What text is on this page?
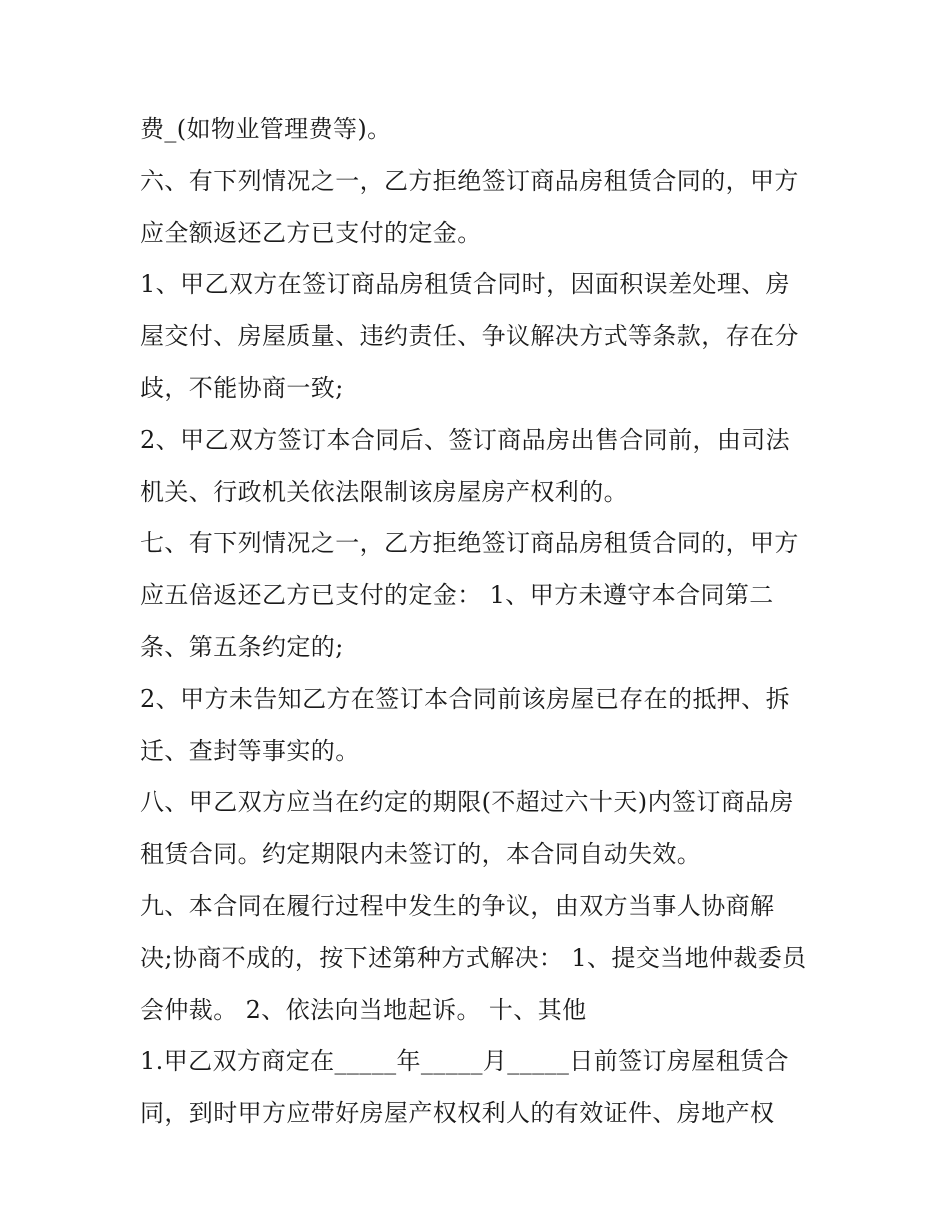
费_(如物业管理费等)。
六、有下列情况之一，乙方拒绝签订商品房租赁合同的，甲方
应全额返还乙方已支付的定金。
1、甲乙双方在签订商品房租赁合同时，因面积误差处理、房
屋交付、房屋质量、违约责任、争议解决方式等条款，存在分
歧，不能协商一致;
2、甲乙双方签订本合同后、签订商品房出售合同前，由司法
机关、行政机关依法限制该房屋房产权利的。
七、有下列情况之一，乙方拒绝签订商品房租赁合同的，甲方
应五倍返还乙方已支付的定金： 1、甲方未遵守本合同第二
条、第五条约定的;
2、甲方未告知乙方在签订本合同前该房屋已存在的抵押、拆
迁、查封等事实的。
八、甲乙双方应当在约定的期限(不超过六十天)内签订商品房
租赁合同。约定期限内未签订的，本合同自动失效。
九、本合同在履行过程中发生的争议，由双方当事人协商解
决;协商不成的，按下述第种方式解决： 1、提交当地仲裁委员
会仲裁。 2、依法向当地起诉。 十、其他
1.甲乙双方商定在_____年_____月_____日前签订房屋租赁合
同，到时甲方应带好房屋产权权利人的有效证件、房地产权
